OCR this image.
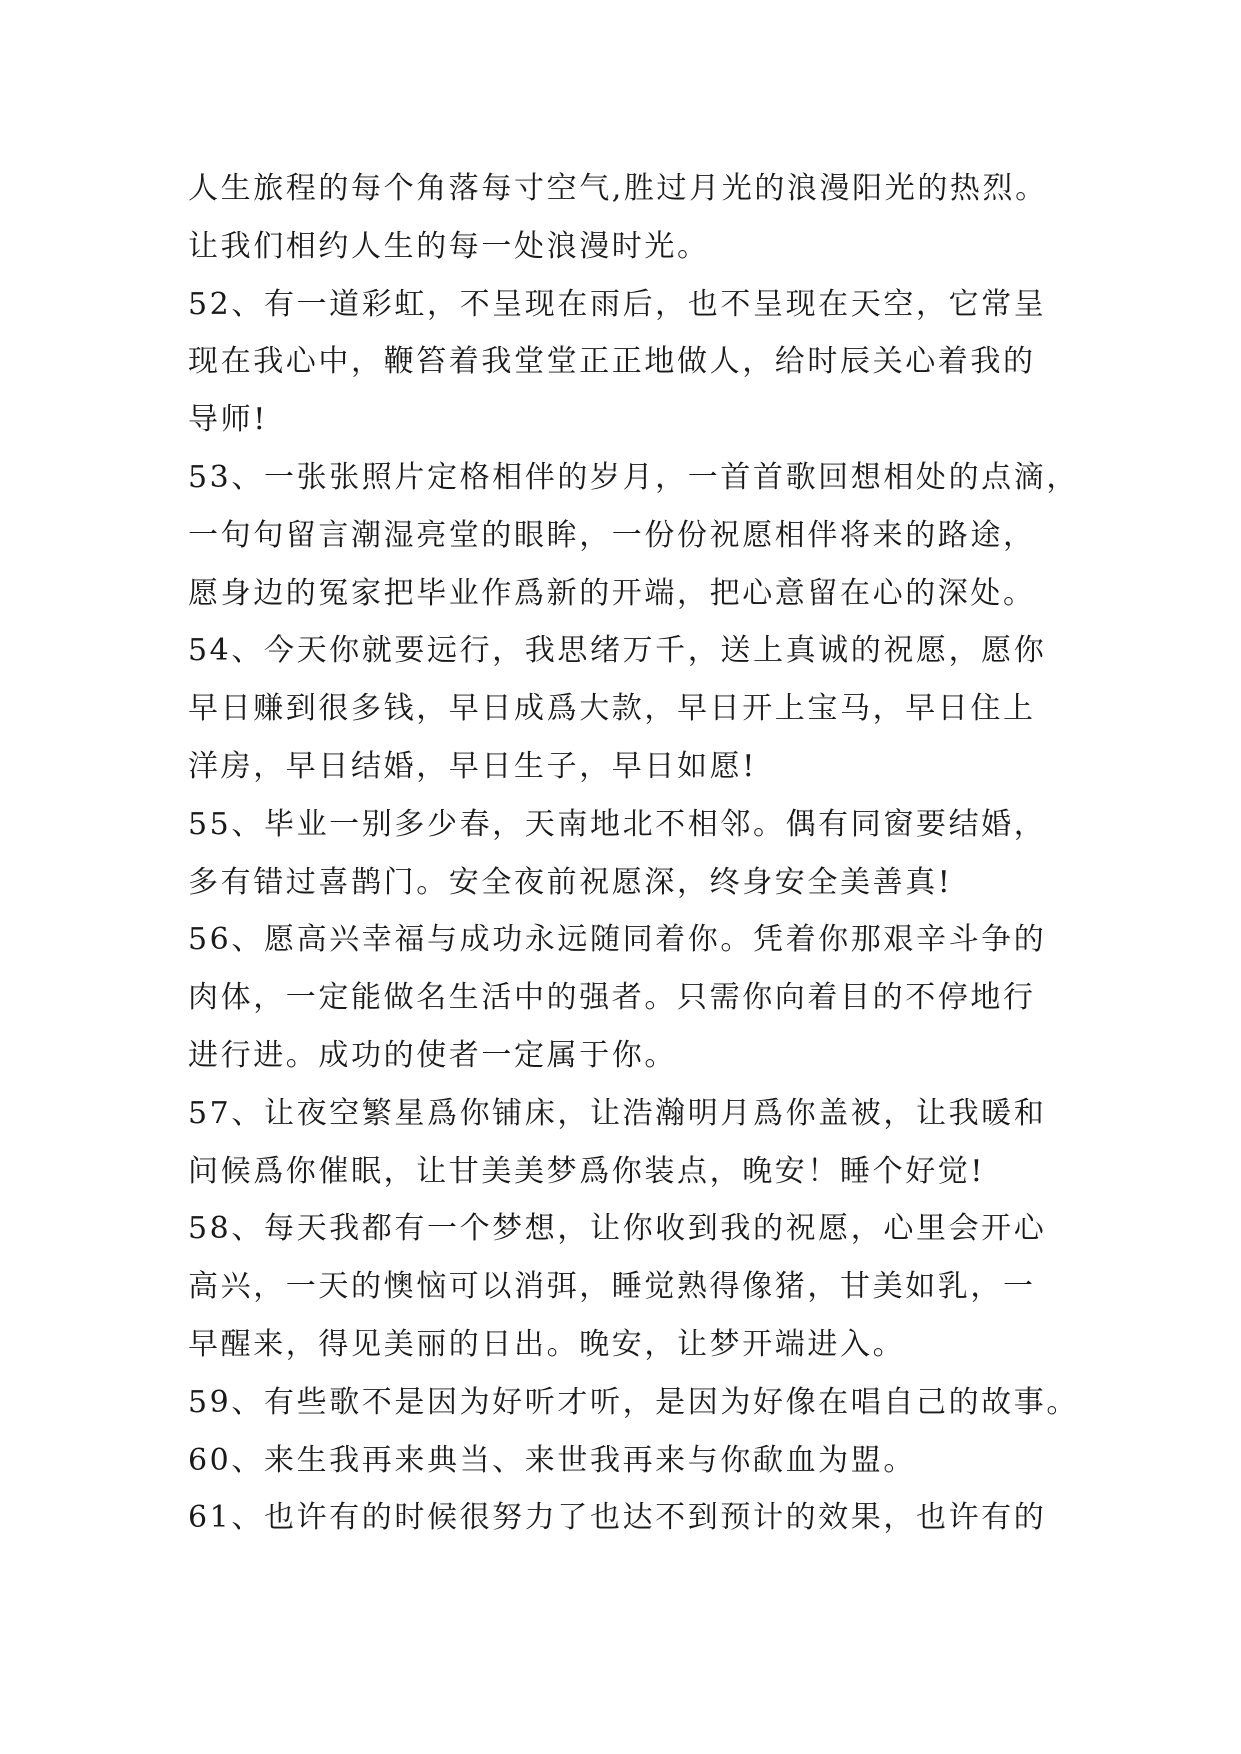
人生旅程的每个角落每寸空气,胜过月光的浪漫阳光的热烈。
让我们相约人生的每一处浪漫时光。
52、有一道彩虹，不呈现在雨后，也不呈现在天空，它常呈
现在我心中，鞭笞着我堂堂正正地做人，给时辰关心着我的
导师!
53、一张张照片定格相伴的岁月，一首首歌回想相处的点滴，
一句句留言潮湿亮堂的眼眸，一份份祝愿相伴将来的路途，
愿身边的冤家把毕业作爲新的开端，把心意留在心的深处。
54、今天你就要远行，我思绪万千，送上真诚的祝愿，愿你
早日赚到很多钱，早日成爲大款，早日开上宝马，早日住上
洋房，早日结婚，早日生子，早日如愿!
55、毕业一别多少春，天南地北不相邻。偶有同窗要结婚，
多有错过喜鹊门。安全夜前祝愿深，终身安全美善真!
56、愿高兴幸福与成功永远随同着你。凭着你那艰辛斗争的
肉体，一定能做名生活中的强者。只需你向着目的不停地行
进行进。成功的使者一定属于你。
57、让夜空繁星爲你铺床，让浩瀚明月爲你盖被，让我暖和
问候爲你催眠，让甘美美梦爲你装点，晚安！睡个好觉!
58、每天我都有一个梦想，让你收到我的祝愿，心里会开心
高兴，一天的懊恼可以消弭，睡觉熟得像猪，甘美如乳，一
早醒来，得见美丽的日出。晚安，让梦开端进入。
59、有些歌不是因为好听才听，是因为好像在唱自己的故事。
60、来生我再来典当、来世我再来与你歃血为盟。
61、也许有的时候很努力了也达不到预计的效果，也许有的
